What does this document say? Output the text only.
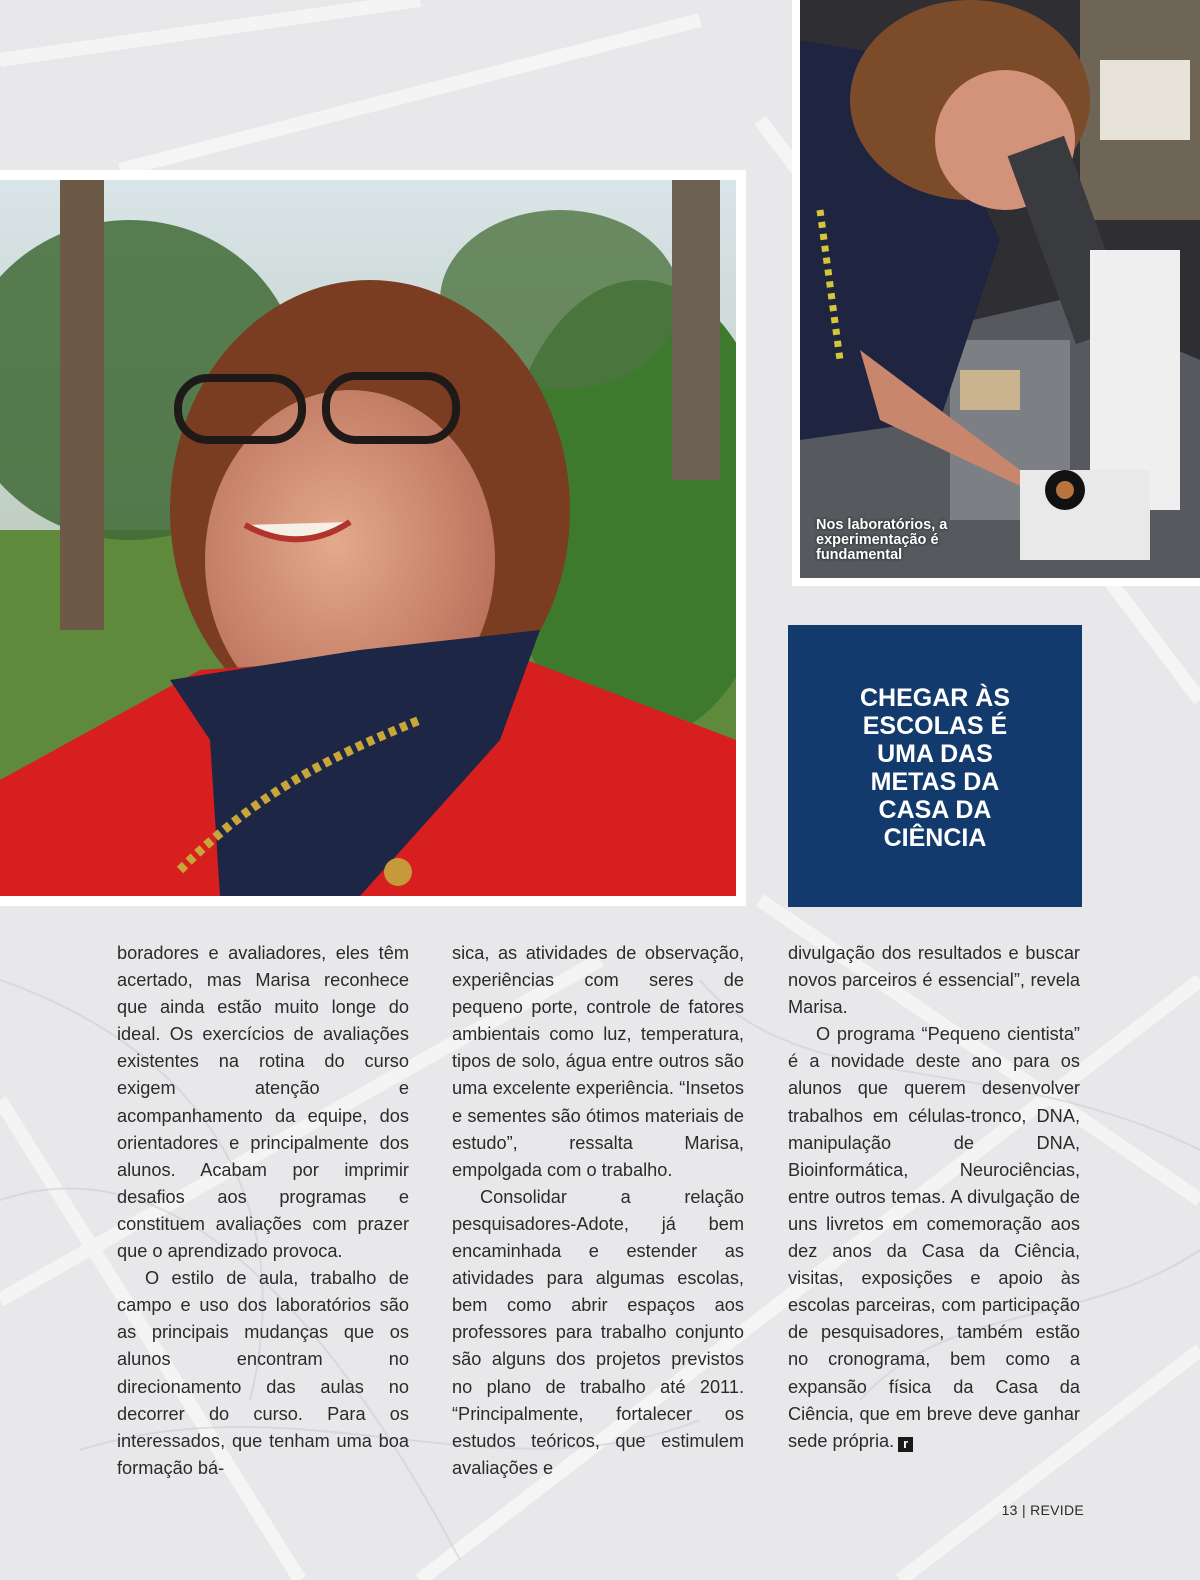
Nos laboratórios, a experimentação é fundamental
CHEGAR ÀS ESCOLAS É UMA DAS METAS DA CASA DA CIÊNCIA

boradores e avaliadores, eles têm acertado, mas Marisa reconhece que ainda estão muito longe do ideal. Os exercícios de avaliações existentes na rotina do curso exigem atenção e acompanhamento da equipe, dos orientadores e principalmente dos alunos. Acabam por imprimir desafios aos programas e constituem avaliações com prazer que o aprendizado provoca.

O estilo de aula, trabalho de campo e uso dos laboratórios são as principais mudanças que os alunos encontram no direcionamento das aulas no decorrer do curso. Para os interessados, que tenham uma boa formação bá-

sica, as atividades de observação, experiências com seres de pequeno porte, controle de fatores ambientais como luz, temperatura, tipos de solo, água entre outros são uma excelente experiência. “Insetos e sementes são ótimos materiais de estudo”, ressalta Marisa, empolgada com o trabalho.

Consolidar a relação pesquisadores-Adote, já bem encaminhada e estender as atividades para algumas escolas, bem como abrir espaços aos professores para trabalho conjunto são alguns dos projetos previstos no plano de trabalho até 2011. “Principalmente, fortalecer os estudos teóricos, que estimulem avaliações e

divulgação dos resultados e buscar novos parceiros é essencial”, revela Marisa.

O programa “Pequeno cientista” é a novidade deste ano para os alunos que querem desenvolver trabalhos em células-tronco, DNA, manipulação de DNA, Bioinformática, Neurociências, entre outros temas. A divulgação de uns livretos em comemoração aos dez anos da Casa da Ciência, visitas, exposições e apoio às escolas parceiras, com participação de pesquisadores, também estão no cronograma, bem como a expansão física da Casa da Ciência, que em breve deve ganhar sede própria. r

13 | REVIDE
